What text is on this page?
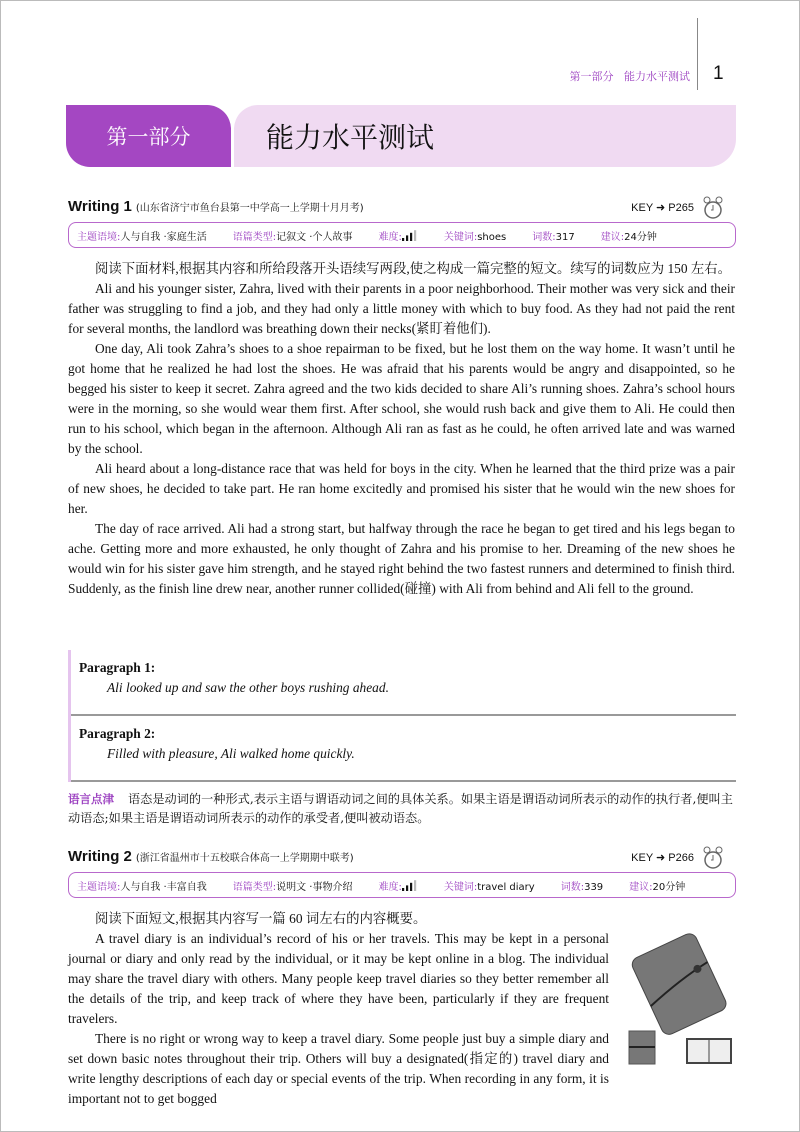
第一部分 能力水平测试 1
第一部分	能力水平测试
Writing 1 (山东省济宁市鱼台县第一中学高一上学期十月月考)	KEY ➜ P265
主题语境:人与自我 ·家庭生活	语篇类型:记叙文 ·个人故事	难度:	关键词:shoes	词数:317	建议:24分钟

阅读下面材料,根据其内容和所给段落开头语续写两段,使之构成一篇完整的短文。续写的词数应为 150 左右。

Ali and his younger sister, Zahra, lived with their parents in a poor neighborhood. Their mother was very sick and their father was struggling to find a job, and they had only a little money with which to buy food. As they had not paid the rent for several months, the landlord was breathing down their necks(紧盯着他们).

One day, Ali took Zahra’s shoes to a shoe repairman to be fixed, but he lost them on the way home. It wasn’t until he got home that he realized he had lost the shoes. He was afraid that his parents would be angry and disappointed, so he begged his sister to keep it secret. Zahra agreed and the two kids decided to share Ali’s running shoes. Zahra’s school hours were in the morning, so she would wear them first. After school, she would rush back and give them to Ali. He could then run to his school, which began in the afternoon. Although Ali ran as fast as he could, he often arrived late and was warned by the school.

Ali heard about a long-distance race that was held for boys in the city. When he learned that the third prize was a pair of new shoes, he decided to take part. He ran home excitedly and promised his sister that he would win the new shoes for her.

The day of race arrived. Ali had a strong start, but halfway through the race he began to get tired and his legs began to ache. Getting more and more exhausted, he only thought of Zahra and his promise to her. Dreaming of the new shoes he would win for his sister gave him strength, and he stayed right behind the two fastest runners and determined to finish third. Suddenly, as the finish line drew near, another runner collided(碰撞) with Ali from behind and Ali fell to the ground.

Paragraph 1:
Ali looked up and saw the other boys rushing ahead.
Paragraph 2:
Filled with pleasure, Ali walked home quickly.
语言点津 语态是动词的一种形式,表示主语与谓语动词之间的具体关系。如果主语是谓语动词所表示的动作的执行者,便叫主动语态;如果主语是谓语动词所表示的动作的承受者,便叫被动语态。
Writing 2 (浙江省温州市十五校联合体高一上学期期中联考)	KEY ➜ P266
主题语境:人与自我 ·丰富自我	语篇类型:说明文 ·事物介绍	难度:	关键词:travel diary	词数:339	建议:20分钟

阅读下面短文,根据其内容写一篇 60 词左右的内容概要。

A travel diary is an individual’s record of his or her travels. This may be kept in a personal journal or diary and only read by the individual, or it may be kept online in a blog. The individual may share the travel diary with others. Many people keep travel diaries so they better remember all the details of the trip, and keep track of where they have been, particularly if they are frequent travelers.

There is no right or wrong way to keep a travel diary. Some people just buy a simple diary and set down basic notes throughout their trip. Others will buy a designated(指定的) travel diary and write lengthy descriptions of each day or special events of the trip. When recording in any form, it is important not to get bogged
